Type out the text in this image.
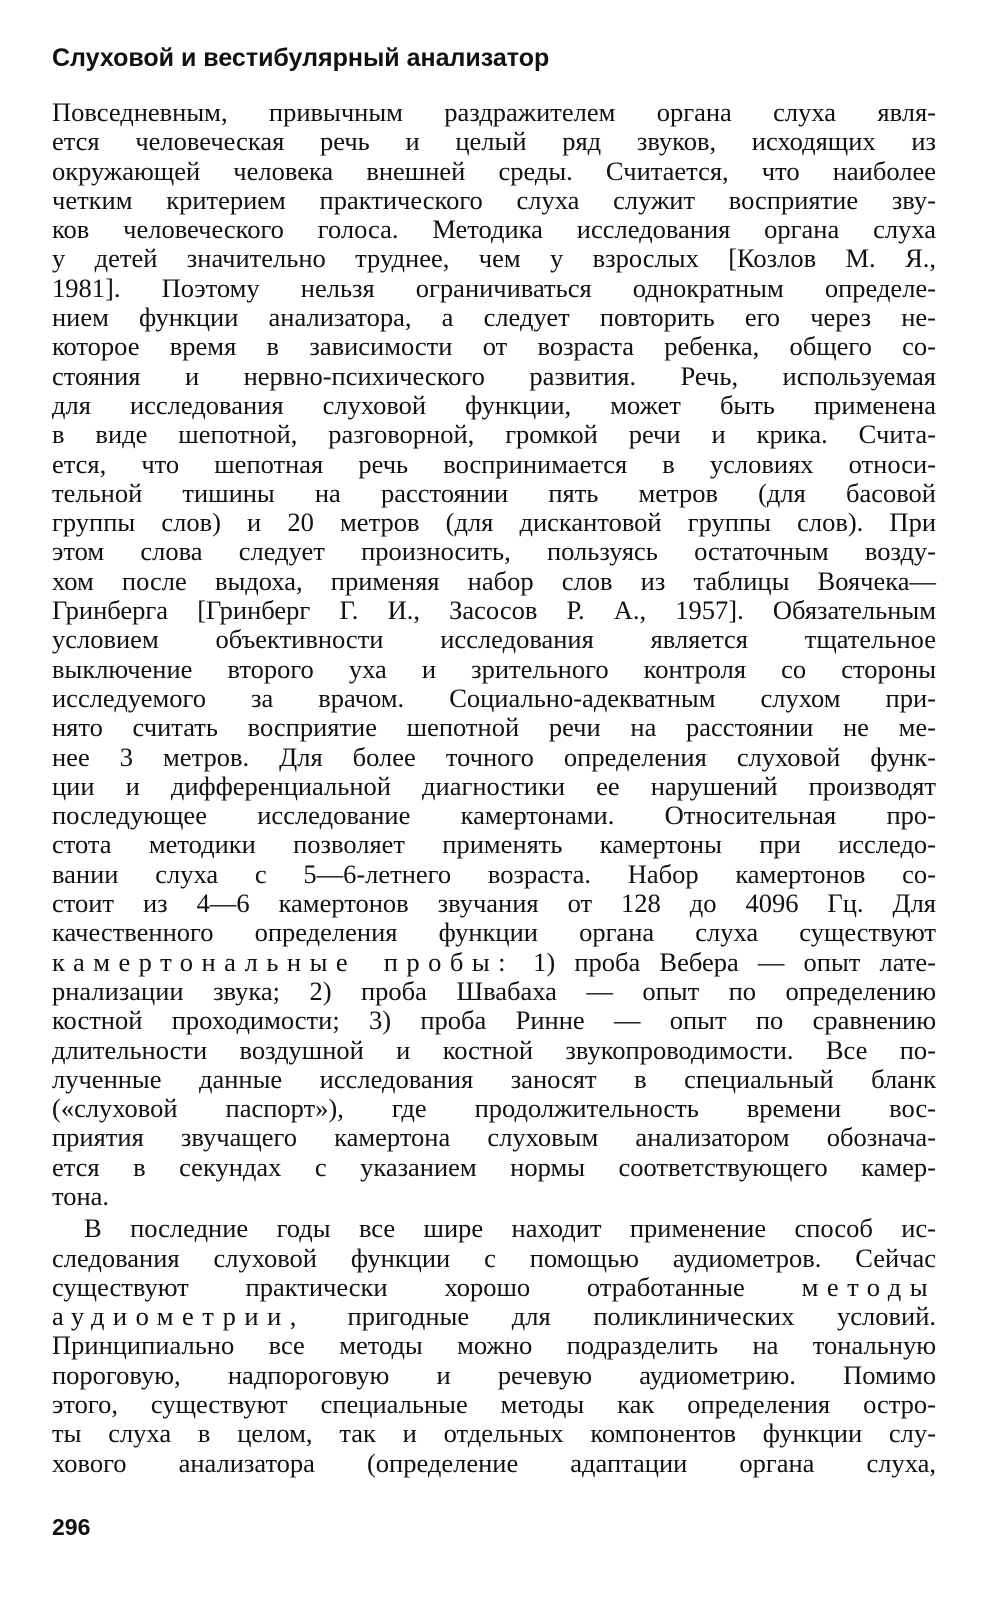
Слуховой и вестибулярный анализатор
Повседневным, привычным раздражителем органа слуха явля-
ется человеческая речь и целый ряд звуков, исходящих из
окружающей человека внешней среды. Считается, что наиболее
четким критерием практического слуха служит восприятие зву-
ков человеческого голоса. Методика исследования органа слуха
у детей значительно труднее, чем у взрослых [Козлов М. Я.,
1981]. Поэтому нельзя ограничиваться однократным определе-
нием функции анализатора, а следует повторить его через не-
которое время в зависимости от возраста ребенка, общего со-
стояния и нервно-психического развития. Речь, используемая
для исследования слуховой функции, может быть применена
в виде шепотной, разговорной, громкой речи и крика. Счита-
ется, что шепотная речь воспринимается в условиях относи-
тельной тишины на расстоянии пять метров (для басовой
группы слов) и 20 метров (для дискантовой группы слов). При
этом слова следует произносить, пользуясь остаточным возду-
хом после выдоха, применяя набор слов из таблицы Воячека—
Гринберга [Гринберг Г. И., Засосов Р. А., 1957]. Обязательным
условием объективности исследования является тщательное
выключение второго уха и зрительного контроля со стороны
исследуемого за врачом. Социально-адекватным слухом при-
нято считать восприятие шепотной речи на расстоянии не ме-
нее 3 метров. Для более точного определения слуховой функ-
ции и дифференциальной диагностики ее нарушений производят
последующее исследование камертонами. Относительная про-
стота методики позволяет применять камертоны при исследо-
вании слуха с 5—6-летнего возраста. Набор камертонов со-
стоит из 4—6 камертонов звучания от 128 до 4096 Гц. Для
качественного определения функции органа слуха существуют
камертональные пробы: 1) проба Вебера — опыт лате-
рнализации звука; 2) проба Швабаха — опыт по определению
костной проходимости; 3) проба Ринне — опыт по сравнению
длительности воздушной и костной звукопроводимости. Все по-
лученные данные исследования заносят в специальный бланк
(«слуховой паспорт»), где продолжительность времени вос-
приятия звучащего камертона слуховым анализатором обознача-
ется в секундах с указанием нормы соответствующего камер-
тона.
В последние годы все шире находит применение способ ис-
следования слуховой функции с помощью аудиометров. Сейчас
существуют практически хорошо отработанные методы
аудиометрии, пригодные для поликлинических условий.
Принципиально все методы можно подразделить на тональную
пороговую, надпороговую и речевую аудиометрию. Помимо
этого, существуют специальные методы как определения остро-
ты слуха в целом, так и отдельных компонентов функции слу-
хового анализатора (определение адаптации органа слуха,
296
